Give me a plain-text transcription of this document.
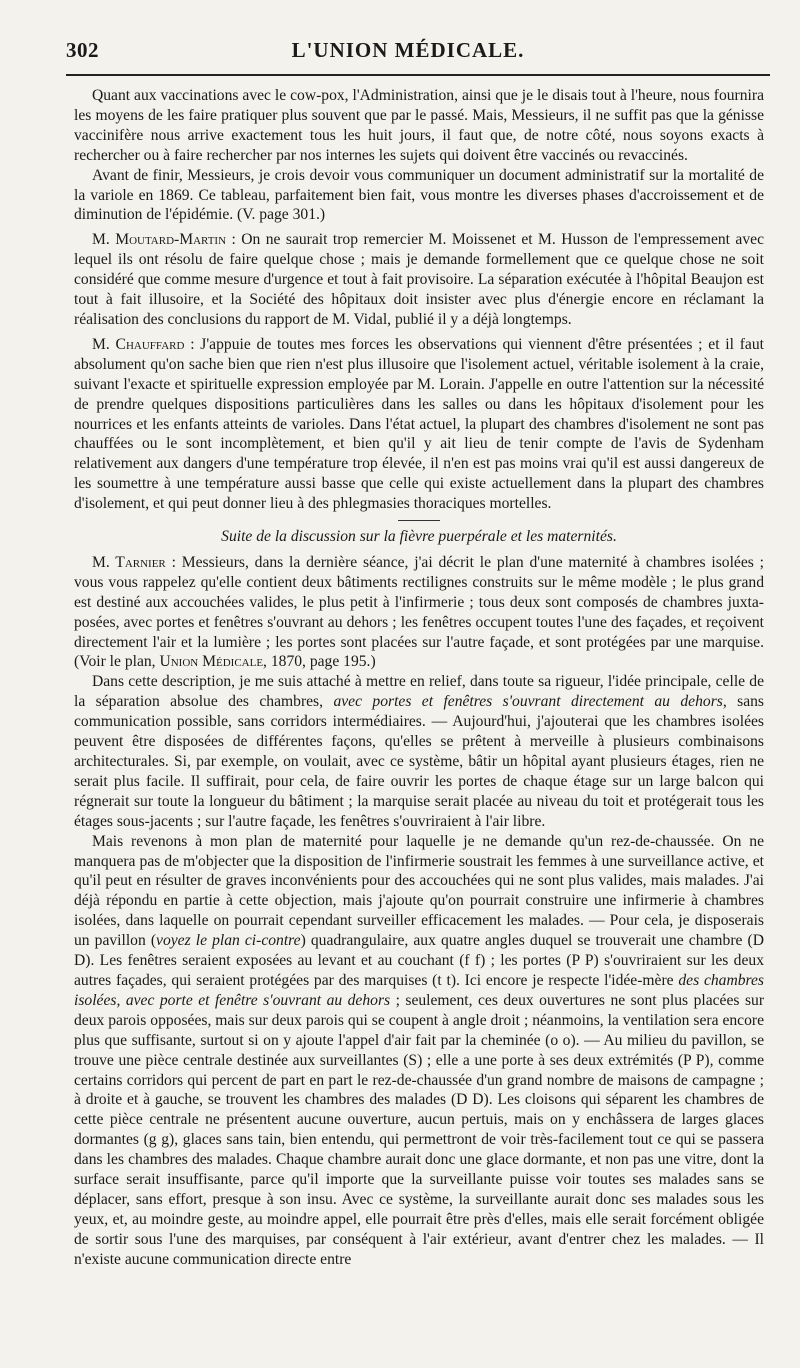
302	L'UNION MÉDICALE.

Quant aux vaccinations avec le cow-pox, l'Administration, ainsi que je le disais tout à l'heure, nous fournira les moyens de les faire pratiquer plus souvent que par le passé. Mais, Messieurs, il ne suffit pas que la génisse vaccinifère nous arrive exactement tous les huit jours, il faut que, de notre côté, nous soyons exacts à rechercher ou à faire rechercher par nos internes les sujets qui doivent être vaccinés ou revaccinés.

Avant de finir, Messieurs, je crois devoir vous communiquer un document administratif sur la mortalité de la variole en 1869. Ce tableau, parfaitement bien fait, vous montre les diverses phases d'accroissement et de diminution de l'épidémie. (V. page 301.)

M. Moutard-Martin : On ne saurait trop remercier M. Moissenet et M. Husson de l'empressement avec lequel ils ont résolu de faire quelque chose ; mais je demande formellement que ce quelque chose ne soit considéré que comme mesure d'urgence et tout à fait provisoire. La séparation exécutée à l'hôpital Beaujon est tout à fait illusoire, et la Société des hôpitaux doit insister avec plus d'énergie encore en réclamant la réalisation des conclusions du rapport de M. Vidal, publié il y a déjà longtemps.

M. Chauffard : J'appuie de toutes mes forces les observations qui viennent d'être présentées ; et il faut absolument qu'on sache bien que rien n'est plus illusoire que l'isolement actuel, véritable isolement à la craie, suivant l'exacte et spirituelle expression employée par M. Lorain. J'appelle en outre l'attention sur la nécessité de prendre quelques dispositions particulières dans les salles ou dans les hôpitaux d'isolement pour les nourrices et les enfants atteints de varioles. Dans l'état actuel, la plupart des chambres d'isolement ne sont pas chauffées ou le sont incomplètement, et bien qu'il y ait lieu de tenir compte de l'avis de Sydenham relativement aux dangers d'une température trop élevée, il n'en est pas moins vrai qu'il est aussi dangereux de les soumettre à une température aussi basse que celle qui existe actuellement dans la plupart des chambres d'isolement, et qui peut donner lieu à des phlegmasies thoraciques mortelles.

Suite de la discussion sur la fièvre puerpérale et les maternités.

M. Tarnier : Messieurs, dans la dernière séance, j'ai décrit le plan d'une maternité à chambres isolées ; vous vous rappelez qu'elle contient deux bâtiments rectilignes construits sur le même modèle ; le plus grand est destiné aux accouchées valides, le plus petit à l'infirmerie ; tous deux sont composés de chambres juxta-posées, avec portes et fenêtres s'ouvrant au dehors ; les fenêtres occupent toutes l'une des façades, et reçoivent directement l'air et la lumière ; les portes sont placées sur l'autre façade, et sont protégées par une marquise. (Voir le plan, Union Médicale, 1870, page 195.)

Dans cette description, je me suis attaché à mettre en relief, dans toute sa rigueur, l'idée principale, celle de la séparation absolue des chambres, avec portes et fenêtres s'ouvrant directement au dehors, sans communication possible, sans corridors intermédiaires. — Aujourd'hui, j'ajouterai que les chambres isolées peuvent être disposées de différentes façons, qu'elles se prêtent à merveille à plusieurs combinaisons architecturales. Si, par exemple, on voulait, avec ce système, bâtir un hôpital ayant plusieurs étages, rien ne serait plus facile. Il suffirait, pour cela, de faire ouvrir les portes de chaque étage sur un large balcon qui régnerait sur toute la longueur du bâtiment ; la marquise serait placée au niveau du toit et protégerait tous les étages sous-jacents ; sur l'autre façade, les fenêtres s'ouvriraient à l'air libre.

Mais revenons à mon plan de maternité pour laquelle je ne demande qu'un rez-de-chaussée. On ne manquera pas de m'objecter que la disposition de l'infirmerie soustrait les femmes à une surveillance active, et qu'il peut en résulter de graves inconvénients pour des accouchées qui ne sont plus valides, mais malades. J'ai déjà répondu en partie à cette objection, mais j'ajoute qu'on pourrait construire une infirmerie à chambres isolées, dans laquelle on pourrait cependant surveiller efficacement les malades. — Pour cela, je disposerais un pavillon (voyez le plan ci-contre) quadrangulaire, aux quatre angles duquel se trouverait une chambre (D D). Les fenêtres seraient exposées au levant et au couchant (f f) ; les portes (P P) s'ouvriraient sur les deux autres façades, qui seraient protégées par des marquises (t t). Ici encore je respecte l'idée-mère des chambres isolées, avec porte et fenêtre s'ouvrant au dehors ; seulement, ces deux ouvertures ne sont plus placées sur deux parois opposées, mais sur deux parois qui se coupent à angle droit ; néanmoins, la ventilation sera encore plus que suffisante, surtout si on y ajoute l'appel d'air fait par la cheminée (o o). — Au milieu du pavillon, se trouve une pièce centrale destinée aux surveillantes (S) ; elle a une porte à ses deux extrémités (P P), comme certains corridors qui percent de part en part le rez-de-chaussée d'un grand nombre de maisons de campagne ; à droite et à gauche, se trouvent les chambres des malades (D D). Les cloisons qui séparent les chambres de cette pièce centrale ne présentent aucune ouverture, aucun pertuis, mais on y enchâssera de larges glaces dormantes (g g), glaces sans tain, bien entendu, qui permettront de voir très-facilement tout ce qui se passera dans les chambres des malades. Chaque chambre aurait donc une glace dormante, et non pas une vitre, dont la surface serait insuffisante, parce qu'il importe que la surveillante puisse voir toutes ses malades sans se déplacer, sans effort, presque à son insu. Avec ce système, la surveillante aurait donc ses malades sous les yeux, et, au moindre geste, au moindre appel, elle pourrait être près d'elles, mais elle serait forcément obligée de sortir sous l'une des marquises, par conséquent à l'air extérieur, avant d'entrer chez les malades. — Il n'existe aucune communication directe entre
